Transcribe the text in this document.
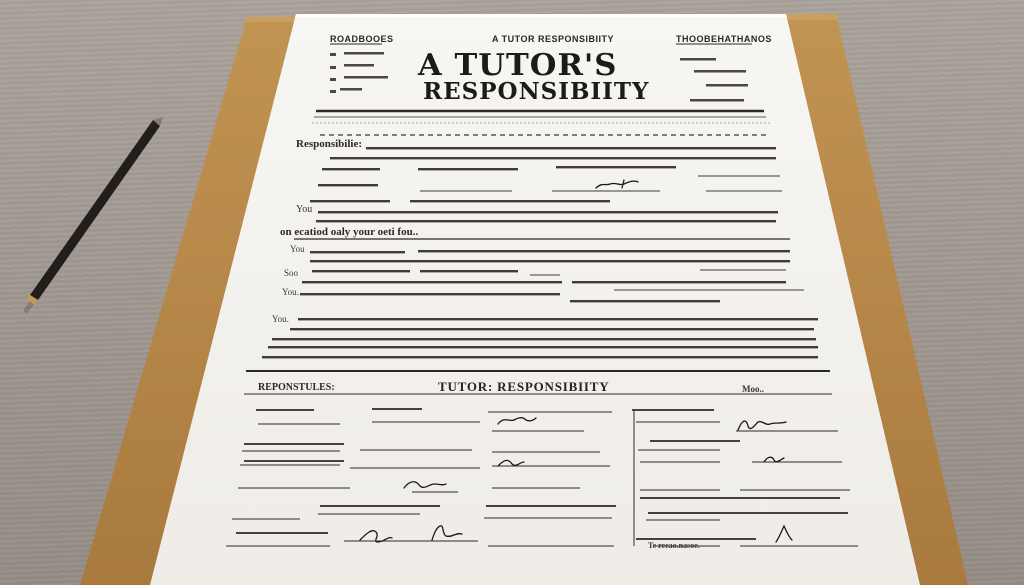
ROADBOOES	A TUTOR RESPONSIBIITY	THOOBEHATHANOS
A TUTOR'S
RESPONSIBIITY
Responsibilie:
You
on ecatiod oaly your oeti fou..
You
Soo
You.
You.
REPONSTULES:	TUTOR: RESPONSIBIITY	Moo..
Te reeao.nasoe.
